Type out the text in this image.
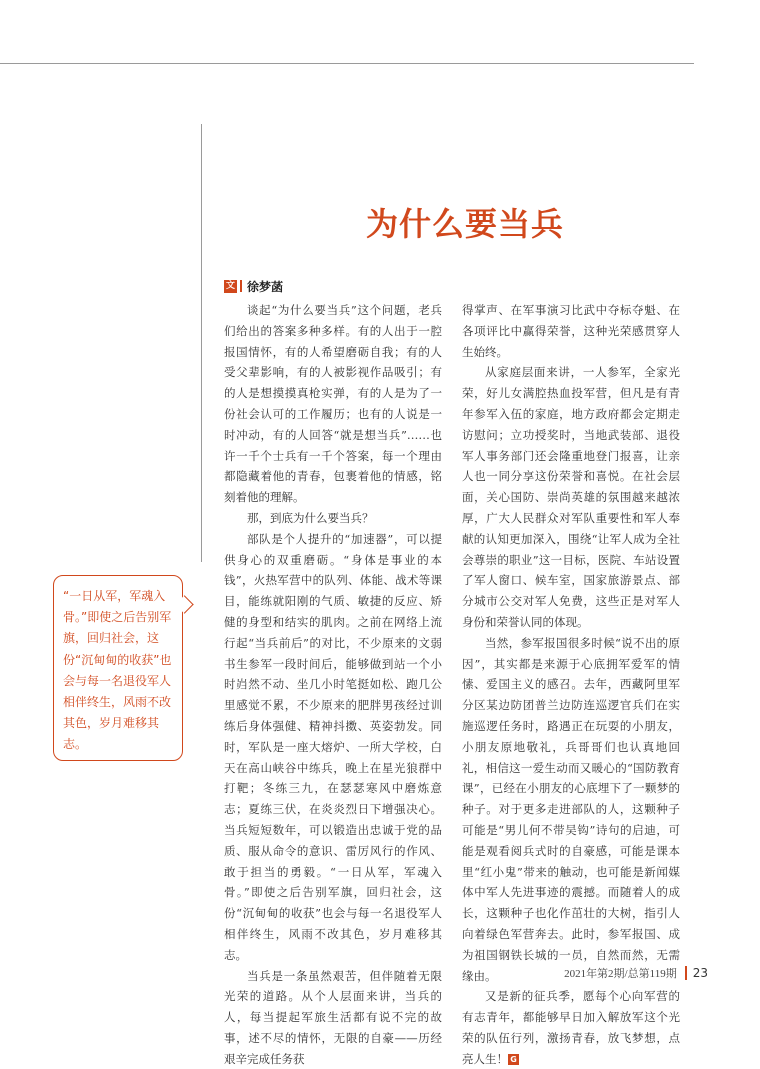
为什么要当兵
文 徐梦菡

谈起“为什么要当兵”这个问题，老兵们给出的答案多种多样。有的人出于一腔报国情怀，有的人希望磨砺自我；有的人受父辈影响，有的人被影视作品吸引；有的人是想摸摸真枪实弹，有的人是为了一份社会认可的工作履历；也有的人说是一时冲动，有的人回答“就是想当兵”……也许一千个士兵有一千个答案，每一个理由都隐藏着他的青春，包裹着他的情感，铭刻着他的理解。

那，到底为什么要当兵？

部队是个人提升的“加速器”，可以提供身心的双重磨砺。“身体是事业的本钱”，火热军营中的队列、体能、战术等课目，能练就阳刚的气质、敏捷的反应、矫健的身型和结实的肌肉。之前在网络上流行起“当兵前后”的对比，不少原来的文弱书生参军一段时间后，能够做到站一个小时岿然不动、坐几小时笔挺如松、跑几公里感觉不累，不少原来的肥胖男孩经过训练后身体强健、精神抖擞、英姿勃发。同时，军队是一座大熔炉、一所大学校，白天在高山峡谷中练兵，晚上在星光狼群中打靶；冬练三九，在瑟瑟寒风中磨炼意志；夏练三伏，在炎炎烈日下增强决心。当兵短短数年，可以锻造出忠诚于党的品质、服从命令的意识、雷厉风行的作风、敢于担当的勇毅。“一日从军，军魂入骨。”即使之后告别军旗，回归社会，这份“沉甸甸的收获”也会与每一名退役军人相伴终生，风雨不改其色，岁月难移其志。

当兵是一条虽然艰苦，但伴随着无限光荣的道路。从个人层面来讲，当兵的人，每当提起军旅生活都有说不完的故事，述不尽的情怀，无限的自豪——历经艰辛完成任务获

得掌声、在军事演习比武中夺标夺魁、在各项评比中赢得荣誉，这种光荣感贯穿人生始终。

从家庭层面来讲，一人参军，全家光荣，好儿女满腔热血投军营，但凡是有青年参军入伍的家庭，地方政府都会定期走访慰问；立功授奖时，当地武装部、退役军人事务部门还会隆重地登门报喜，让亲人也一同分享这份荣誉和喜悦。在社会层面，关心国防、崇尚英雄的氛围越来越浓厚，广大人民群众对军队重要性和军人奉献的认知更加深入，围绕“让军人成为全社会尊崇的职业”这一目标，医院、车站设置了军人窗口、候车室，国家旅游景点、部分城市公交对军人免费，这些正是对军人身份和荣誉认同的体现。

当然，参军报国很多时候“说不出的原因”，其实都是来源于心底拥军爱军的情愫、爱国主义的感召。去年，西藏阿里军分区某边防团普兰边防连巡逻官兵们在实施巡逻任务时，路遇正在玩耍的小朋友，小朋友原地敬礼，兵哥哥们也认真地回礼，相信这一爱生动而又暖心的“国防教育课”，已经在小朋友的心底埋下了一颗梦的种子。对于更多走进部队的人，这颗种子可能是“男儿何不带吴钩”诗句的启迪，可能是观看阅兵式时的自豪感，可能是课本里“红小鬼”带来的触动，也可能是新闻媒体中军人先进事迹的震撼。而随着人的成长，这颗种子也化作茁壮的大树，指引人向着绿色军营奔去。此时，参军报国、成为祖国钢铁长城的一员，自然而然，无需缘由。

又是新的征兵季，愿每个心向军营的有志青年，都能够早日加入解放军这个光荣的队伍行列，激扬青春，放飞梦想，点亮人生！ G

“一日从军，军魂入骨。”即使之后告别军旗，回归社会，这份“沉甸甸的收获”也会与每一名退役军人相伴终生，风雨不改其色，岁月难移其志。
2021年第2期/总第119期 23
